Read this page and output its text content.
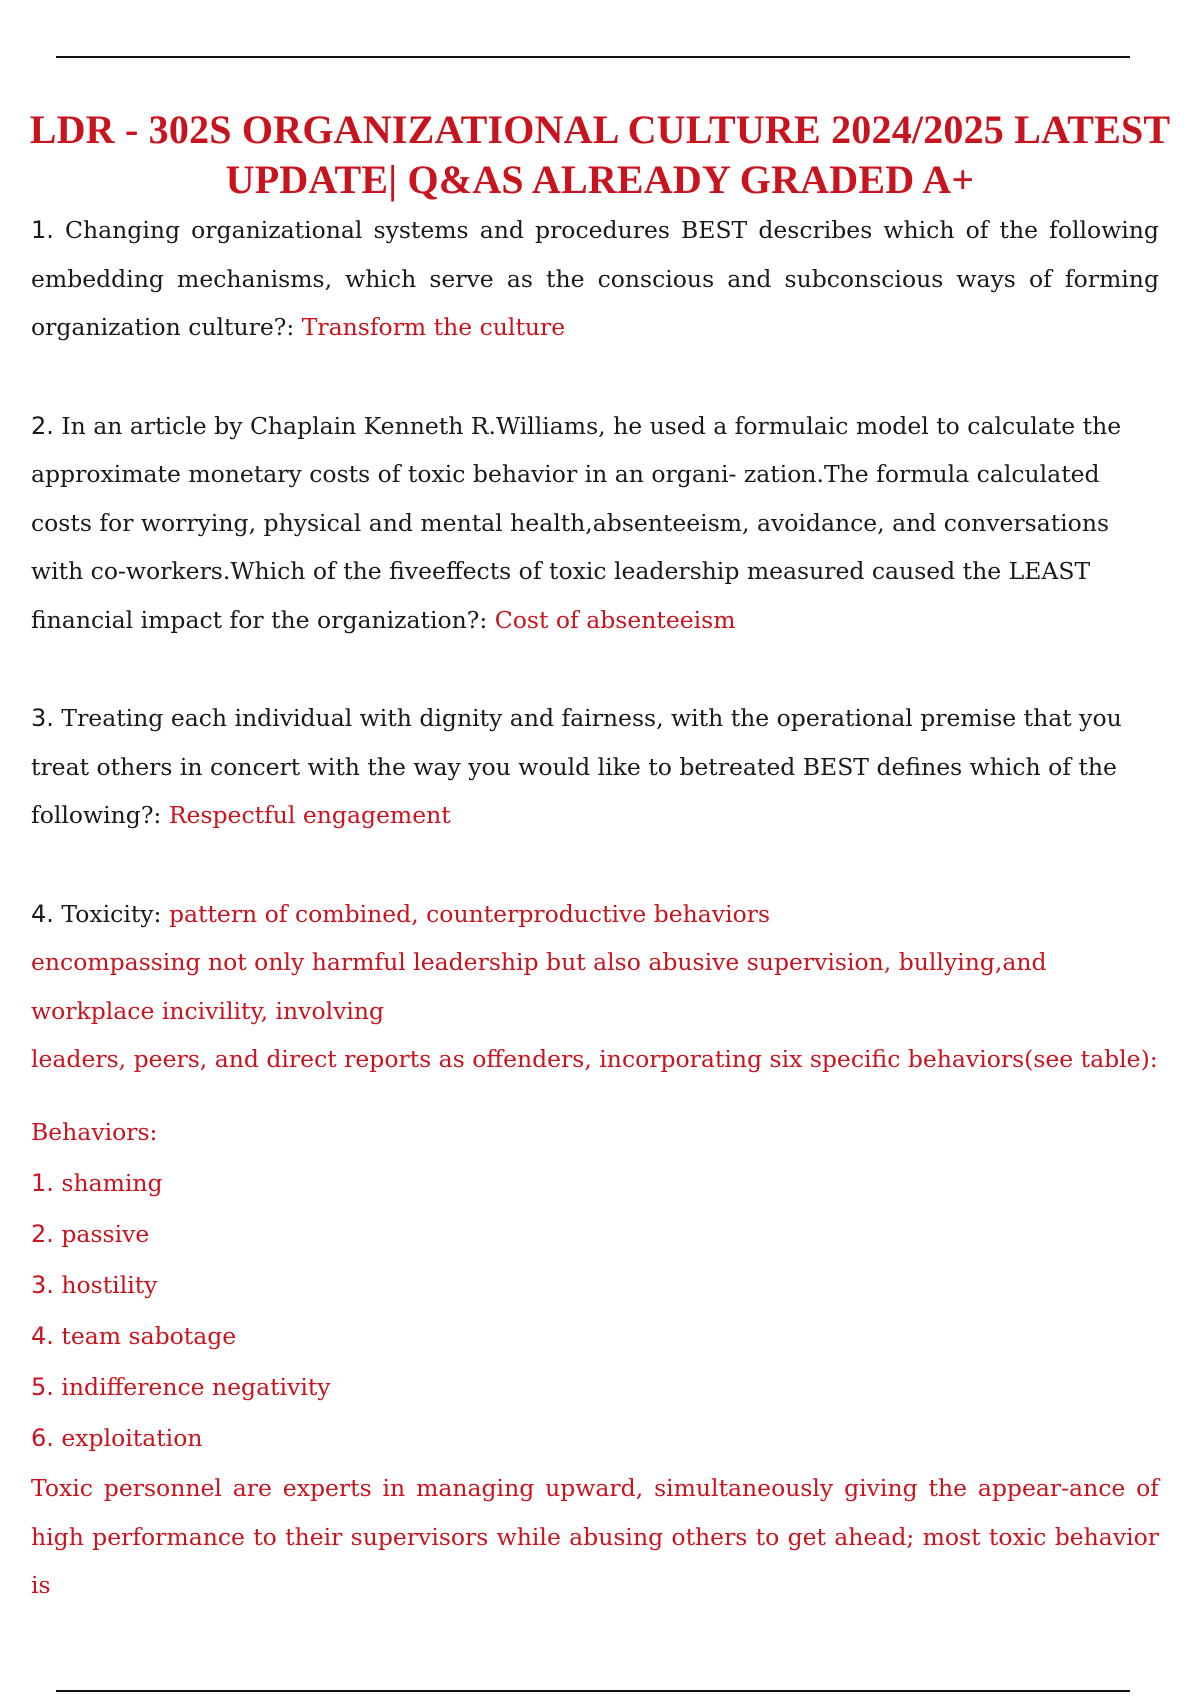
LDR - 302S ORGANIZATIONAL CULTURE 2024/2025 LATEST
UPDATE| Q&AS ALREADY GRADED A+

1. Changing organizational systems and procedures BEST describes which of the following embedding mechanisms, which serve as the conscious and subconscious ways of forming organization culture?: Transform the culture

2. In an article by Chaplain Kenneth R.Williams, he used a formulaic model to calculate the approximate monetary costs of toxic behavior in an organi- zation.The formula calculated costs for worrying, physical and mental health,absenteeism, avoidance, and conversations with co-workers.Which of the fiveeffects of toxic leadership measured caused the LEAST financial impact for the organization?: Cost of absenteeism

3. Treating each individual with dignity and fairness, with the operational premise that you treat others in concert with the way you would like to betreated BEST defines which of the following?: Respectful engagement

4. Toxicity: pattern of combined, counterproductive behaviors

encompassing not only harmful leadership but also abusive supervision, bullying,and workplace incivility, involving

leaders, peers, and direct reports as offenders, incorporating six specific behaviors(see table):

Behaviors:

1. shaming

2. passive

3. hostility

4. team sabotage

5. indifference negativity

6. exploitation

Toxic personnel are experts in managing upward, simultaneously giving the appear-ance of high performance to their supervisors while abusing others to get ahead; most toxic behavior is
